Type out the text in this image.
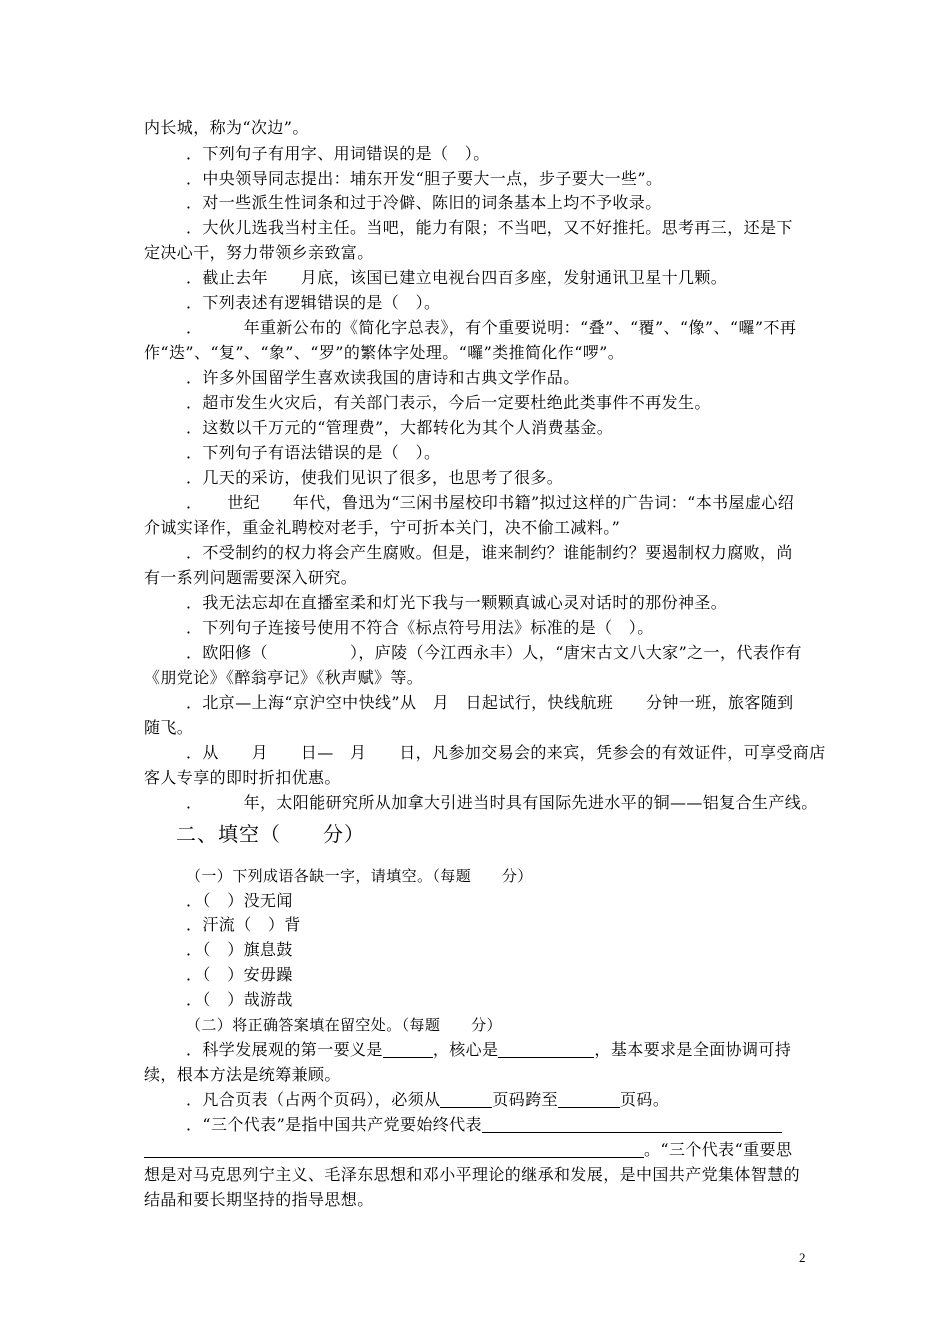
内长城，称为“次边”。
．下列句子有用字、用词错误的是（　）。
．中央领导同志提出：埔东开发“胆子要大一点，步子要大一些”。
．对一些派生性词条和过于冷僻、陈旧的词条基本上均不予收录。
．大伙儿选我当村主任。当吧，能力有限；不当吧，又不好推托。思考再三，还是下
定决心干，努力带领乡亲致富。
．截止去年　　月底，该国已建立电视台四百多座，发射通讯卫星十几颗。
．下列表述有逻辑错误的是（　）。
．　　　年重新公布的《简化字总表》，有个重要说明：“叠”、“覆”、“像”、“囉”不再
作“迭”、“复”、“象”、“罗”的繁体字处理。“囉”类推简化作“啰”。
．许多外国留学生喜欢读我国的唐诗和古典文学作品。
．超市发生火灾后，有关部门表示，今后一定要杜绝此类事件不再发生。
．这数以千万元的“管理费”，大都转化为其个人消费基金。
．下列句子有语法错误的是（　）。
．几天的采访，使我们见识了很多，也思考了很多。
．　　世纪　　年代，鲁迅为“三闲书屋校印书籍”拟过这样的广告词：“本书屋虚心绍
介诚实译作，重金礼聘校对老手，宁可折本关门，决不偷工减料。”
．不受制约的权力将会产生腐败。但是，谁来制约？谁能制约？要遏制权力腐败，尚
有一系列问题需要深入研究。
．我无法忘却在直播室柔和灯光下我与一颗颗真诚心灵对话时的那份神圣。
．下列句子连接号使用不符合《标点符号用法》标准的是（　）。
．欧阳修（　　　　　），庐陵（今江西永丰）人，“唐宋古文八大家”之一，代表作有
《朋党论》《醉翁亭记》《秋声赋》等。
．北京—上海“京沪空中快线”从　月　日起试行，快线航班　　分钟一班，旅客随到
随飞。
．从　　月　　日—　月　　日，凡参加交易会的来宾，凭参会的有效证件，可享受商店
客人专享的即时折扣优惠。
．　　　年，太阳能研究所从加拿大引进当时具有国际先进水平的铜——铝复合生产线。
二、填空（　　分）
（一）下列成语各缺一字，请填空。（每题　　分）
．（　）没无闻
．汗流（　）背
．（　）旗息鼓
．（　）安毋躁
．（　）哉游哉
（二）将正确答案填在留空处。（每题　　分）
．科学发展观的第一要义是	，核心是	，基本要求是全面协调可持
续，根本方法是统筹兼顾。
．凡合页表（占两个页码），必须从	页码跨至	页码。
．“三个代表”是指中国共产党要始终代表
。“三个代表“重要思
想是对马克思列宁主义、毛泽东思想和邓小平理论的继承和发展，是中国共产党集体智慧的
结晶和要长期坚持的指导思想。
2
